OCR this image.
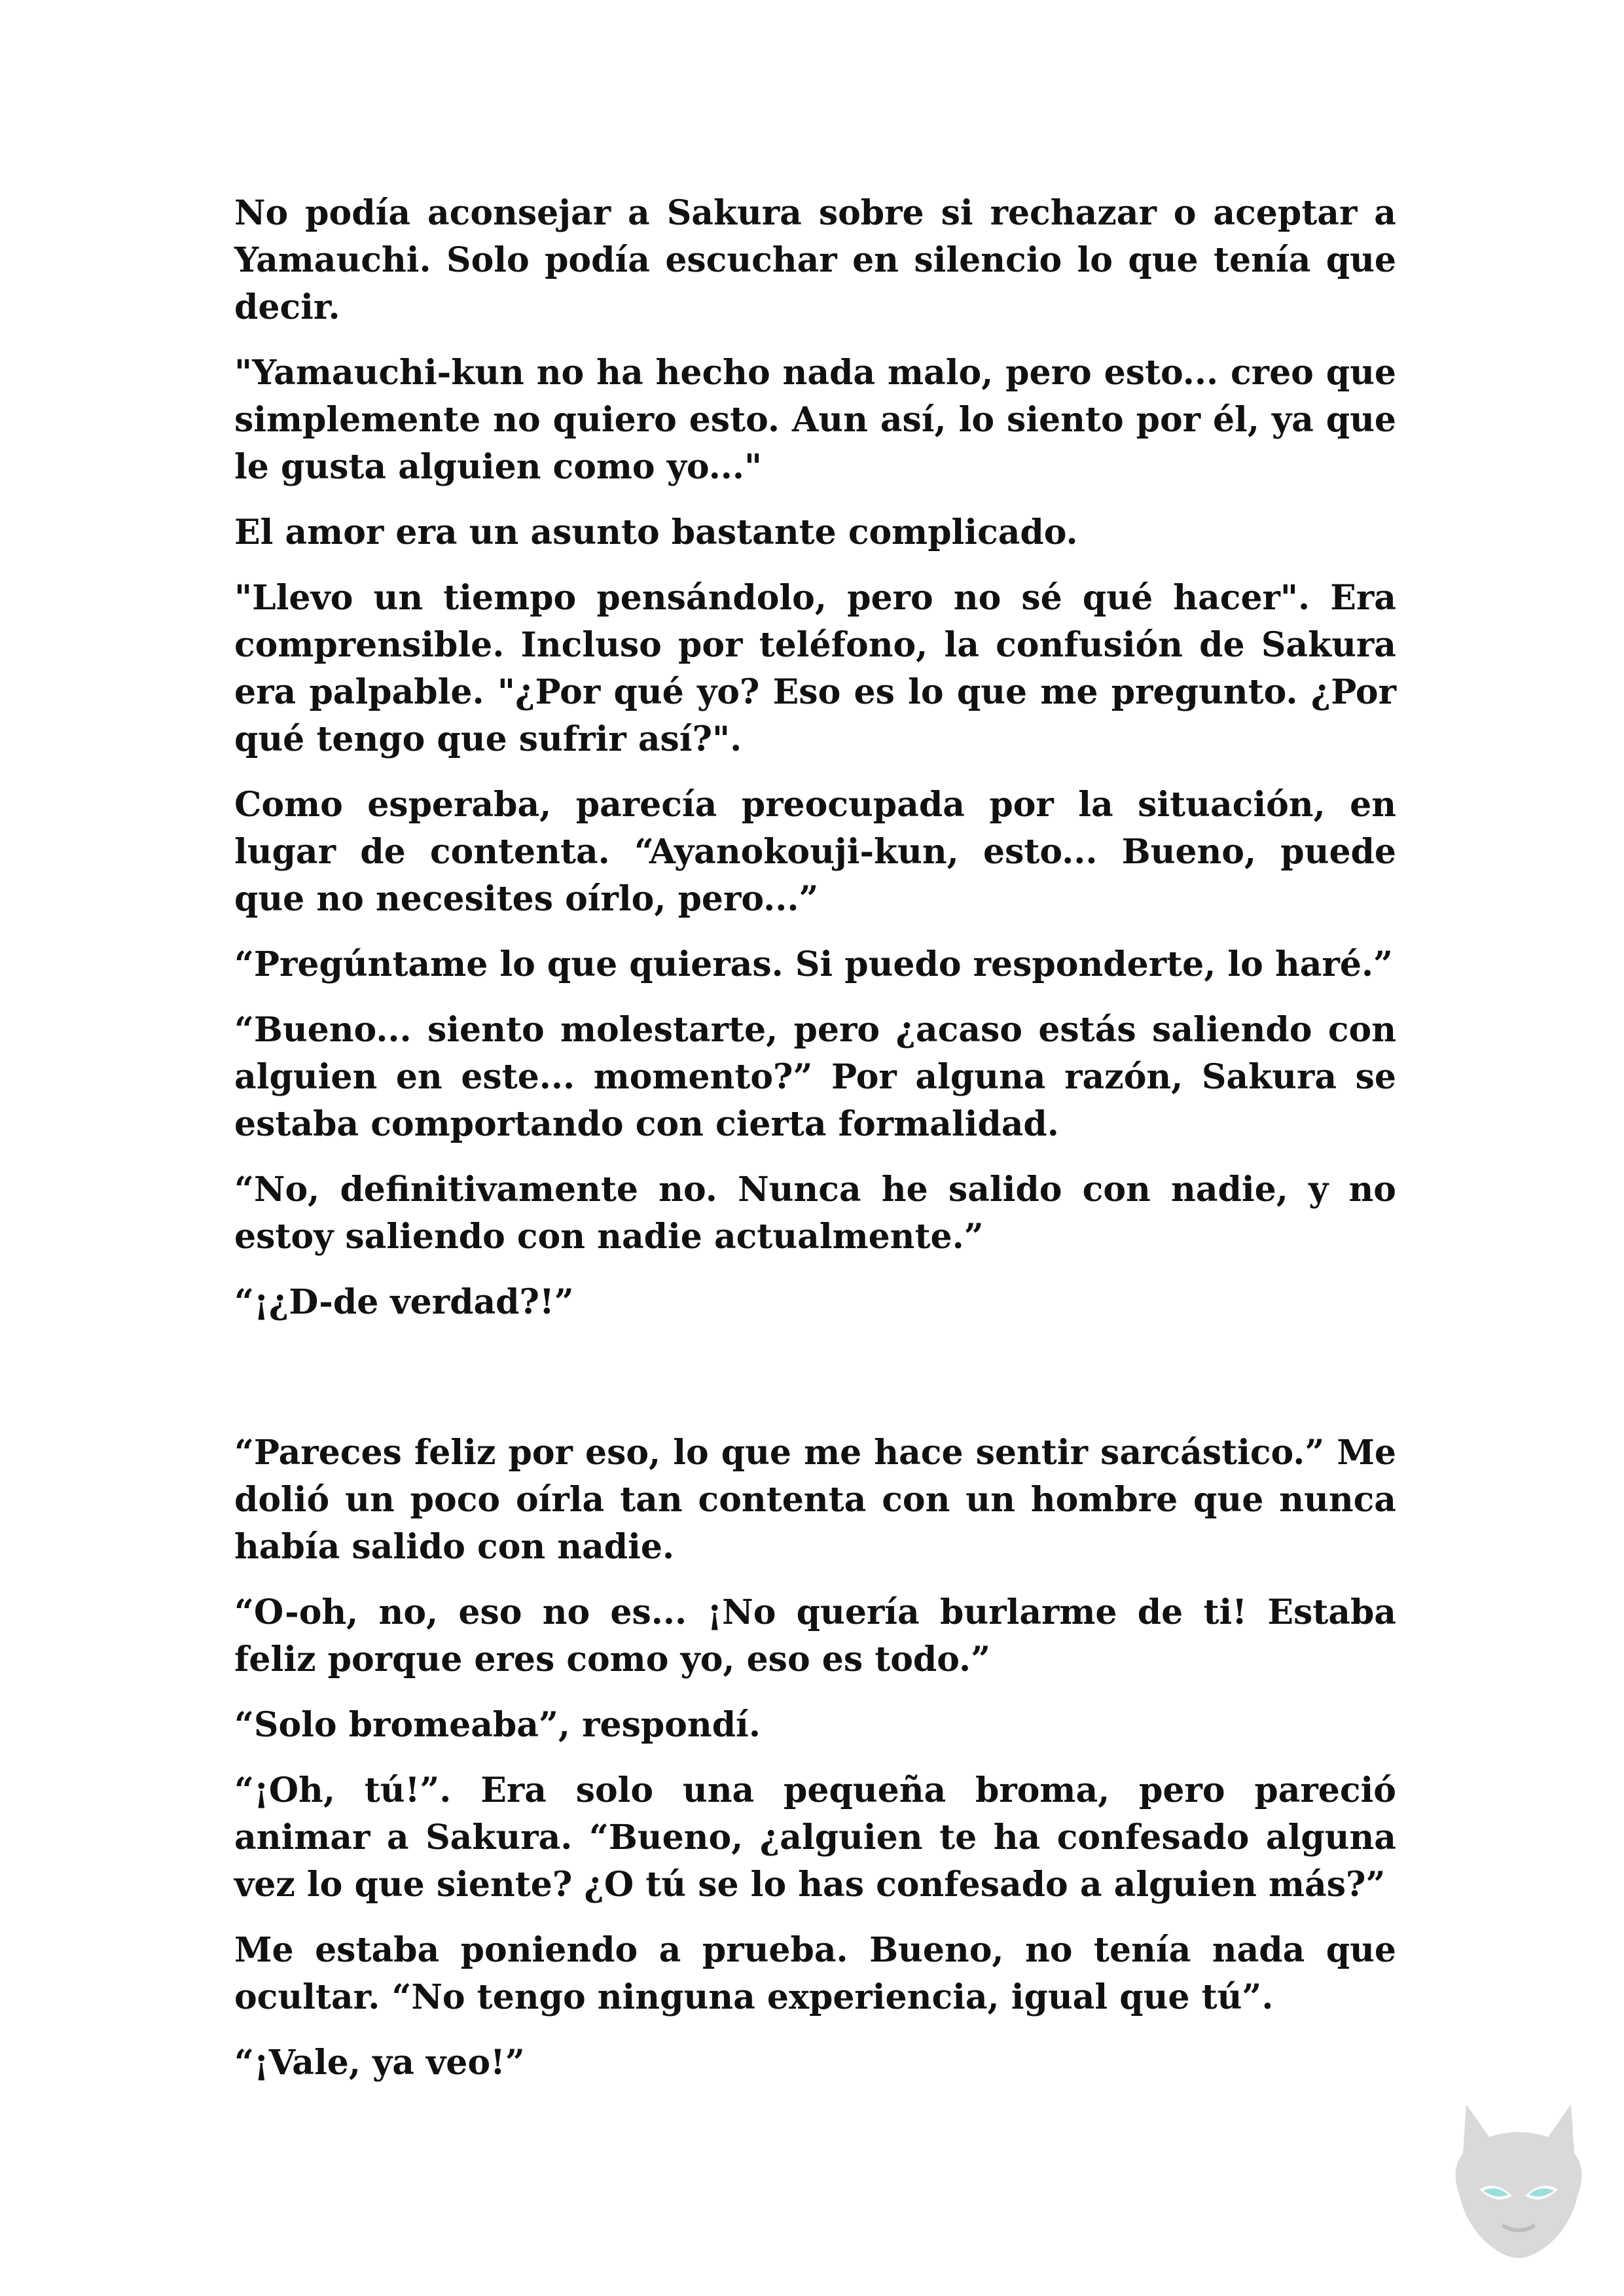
No podía aconsejar a Sakura sobre si rechazar o aceptar a Yamauchi. Solo podía escuchar en silencio lo que tenía que decir.

"Yamauchi-kun no ha hecho nada malo, pero esto... creo que simplemente no quiero esto. Aun así, lo siento por él, ya que le gusta alguien como yo..."

El amor era un asunto bastante complicado.

"Llevo un tiempo pensándolo, pero no sé qué hacer". Era comprensible. Incluso por teléfono, la confusión de Sakura era palpable. "¿Por qué yo? Eso es lo que me pregunto. ¿Por qué tengo que sufrir así?".

Como esperaba, parecía preocupada por la situación, en lugar de contenta. “Ayanokouji-kun, esto... Bueno, puede que no necesites oírlo, pero...”

“Pregúntame lo que quieras. Si puedo responderte, lo haré.”

“Bueno... siento molestarte, pero ¿acaso estás saliendo con alguien en este... momento?” Por alguna razón, Sakura se estaba comportando con cierta formalidad.

“No, definitivamente no. Nunca he salido con nadie, y no estoy saliendo con nadie actualmente.”

“¡¿D-de verdad?!”

“Pareces feliz por eso, lo que me hace sentir sarcástico.” Me dolió un poco oírla tan contenta con un hombre que nunca había salido con nadie.

“O-oh, no, eso no es... ¡No quería burlarme de ti! Estaba feliz porque eres como yo, eso es todo.”

“Solo bromeaba”, respondí.

“¡Oh, tú!”. Era solo una pequeña broma, pero pareció animar a Sakura. “Bueno, ¿alguien te ha confesado alguna vez lo que siente? ¿O tú se lo has confesado a alguien más?”

Me estaba poniendo a prueba. Bueno, no tenía nada que ocultar. “No tengo ninguna experiencia, igual que tú”.

“¡Vale, ya veo!”
